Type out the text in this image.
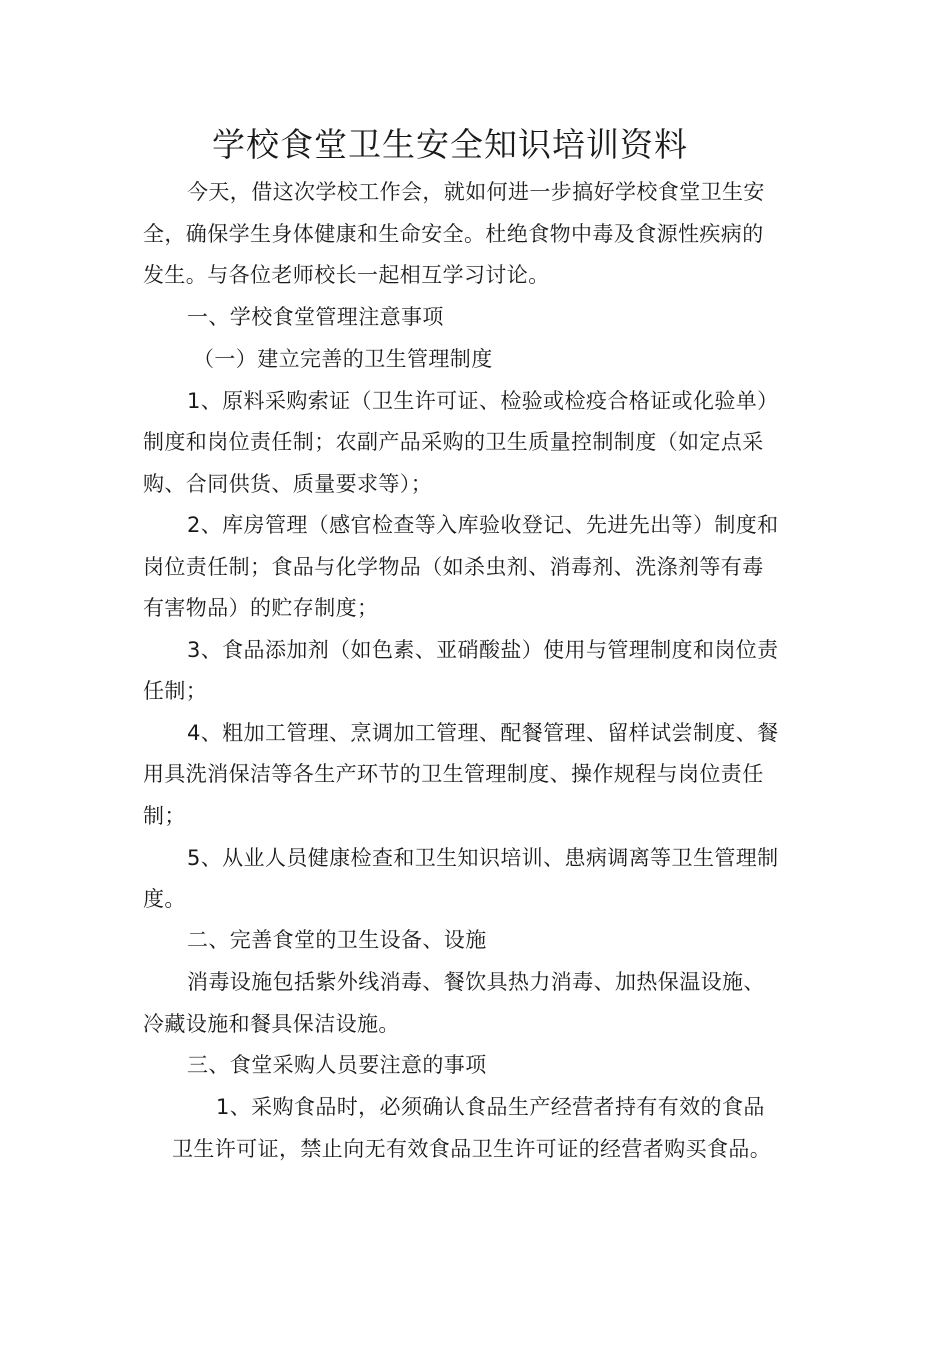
学校食堂卫生安全知识培训资料
今天，借这次学校工作会，就如何进一步搞好学校食堂卫生安
全，确保学生身体健康和生命安全。杜绝食物中毒及食源性疾病的
发生。与各位老师校长一起相互学习讨论。
一、学校食堂管理注意事项
（一）建立完善的卫生管理制度
1、原料采购索证（卫生许可证、检验或检疫合格证或化验单）
制度和岗位责任制；农副产品采购的卫生质量控制制度（如定点采
购、合同供货、质量要求等）；
2、库房管理（感官检查等入库验收登记、先进先出等）制度和
岗位责任制；食品与化学物品（如杀虫剂、消毒剂、洗涤剂等有毒
有害物品）的贮存制度；
3、食品添加剂（如色素、亚硝酸盐）使用与管理制度和岗位责
任制；
4、粗加工管理、烹调加工管理、配餐管理、留样试尝制度、餐
用具洗消保洁等各生产环节的卫生管理制度、操作规程与岗位责任
制；
5、从业人员健康检查和卫生知识培训、患病调离等卫生管理制
度。
二、完善食堂的卫生设备、设施
消毒设施包括紫外线消毒、餐饮具热力消毒、加热保温设施、
冷藏设施和餐具保洁设施。
三、食堂采购人员要注意的事项
1、采购食品时，必须确认食品生产经营者持有有效的食品
卫生许可证，禁止向无有效食品卫生许可证的经营者购买食品。
